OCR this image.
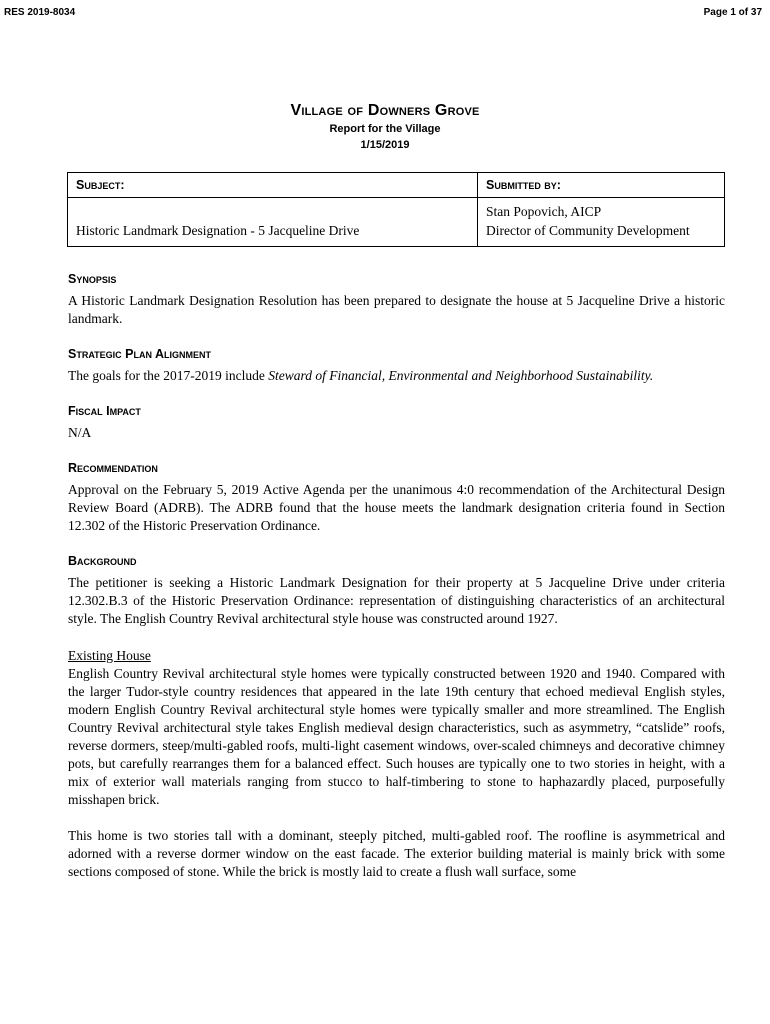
RES 2019-8034	Page 1 of 37
Village of Downers Grove
Report for the Village
1/15/2019
Subject:	Submitted by:
Historic Landmark Designation - 5 Jacqueline Drive	Stan Popovich, AICP
Director of Community Development
Synopsis

A Historic Landmark Designation Resolution has been prepared to designate the house at 5 Jacqueline Drive a historic landmark.

Strategic Plan Alignment

The goals for the 2017-2019 include Steward of Financial, Environmental and Neighborhood Sustainability.

Fiscal Impact

N/A

Recommendation

Approval on the February 5, 2019 Active Agenda per the unanimous 4:0 recommendation of the Architectural Design Review Board (ADRB). The ADRB found that the house meets the landmark designation criteria found in Section 12.302 of the Historic Preservation Ordinance.

Background

The petitioner is seeking a Historic Landmark Designation for their property at 5 Jacqueline Drive under criteria 12.302.B.3 of the Historic Preservation Ordinance: representation of distinguishing characteristics of an architectural style. The English Country Revival architectural style house was constructed around 1927.

Existing House

English Country Revival architectural style homes were typically constructed between 1920 and 1940. Compared with the larger Tudor-style country residences that appeared in the late 19th century that echoed medieval English styles, modern English Country Revival architectural style homes were typically smaller and more streamlined. The English Country Revival architectural style takes English medieval design characteristics, such as asymmetry, “catslide” roofs, reverse dormers, steep/multi-gabled roofs, multi-light casement windows, over-scaled chimneys and decorative chimney pots, but carefully rearranges them for a balanced effect. Such houses are typically one to two stories in height, with a mix of exterior wall materials ranging from stucco to half-timbering to stone to haphazardly placed, purposefully misshapen brick.

This home is two stories tall with a dominant, steeply pitched, multi-gabled roof. The roofline is asymmetrical and adorned with a reverse dormer window on the east facade. The exterior building material is mainly brick with some sections composed of stone. While the brick is mostly laid to create a flush wall surface, some
